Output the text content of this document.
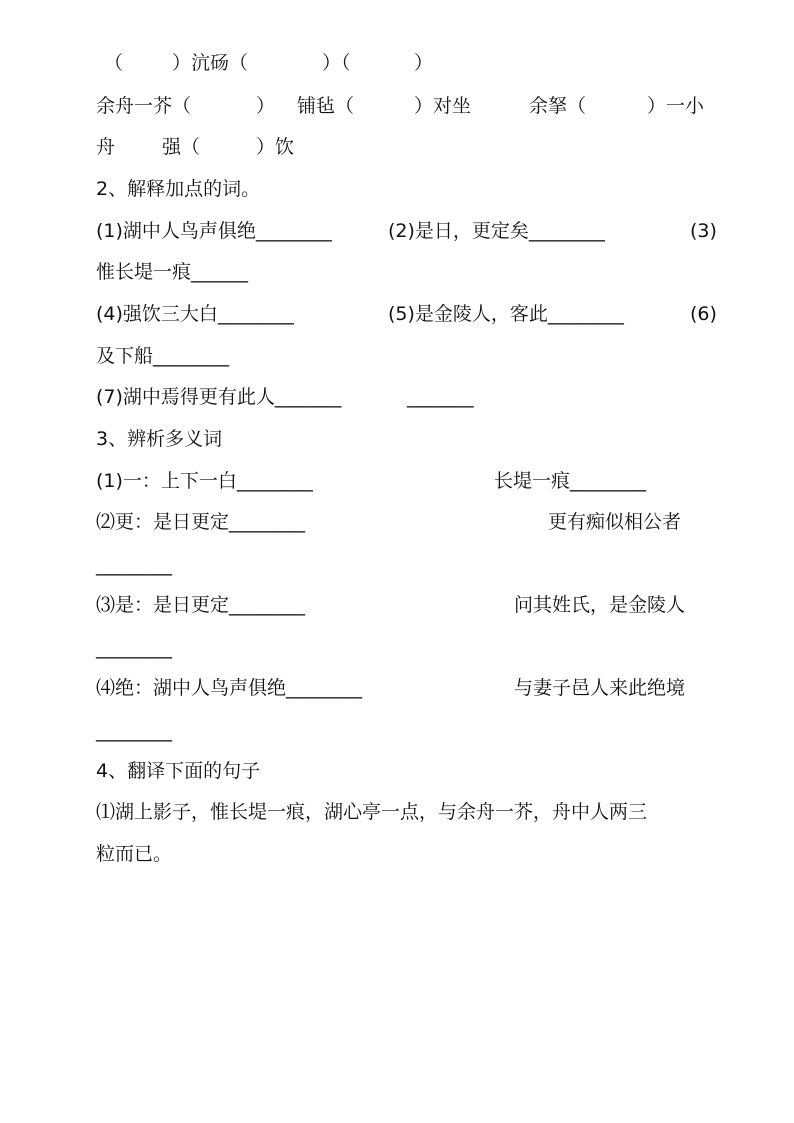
（	）沆砀（	）（	）
余舟一芥（	） 铺毡（	）对坐	余拏（	）一小
舟 强（	）饮
2、解释加点的词。
(1)湖中人鸟声俱绝________	(2)是日，更定矣________	(3)
惟长堤一痕______
(4)强饮三大白________	(5)是金陵人，客此________	(6)
及下船________
(7)湖中焉得更有此人_______	_______
3、辨析多义词
(1)一：上下一白________	长堤一痕________
⑵更：是日更定________	更有痴似相公者
________
⑶是：是日更定________	问其姓氏，是金陵人
________
⑷绝：湖中人鸟声俱绝________	与妻子邑人来此绝境
________
4、翻译下面的句子
⑴湖上影子，惟长堤一痕，湖心亭一点，与余舟一芥，舟中人两三
粒而已。
